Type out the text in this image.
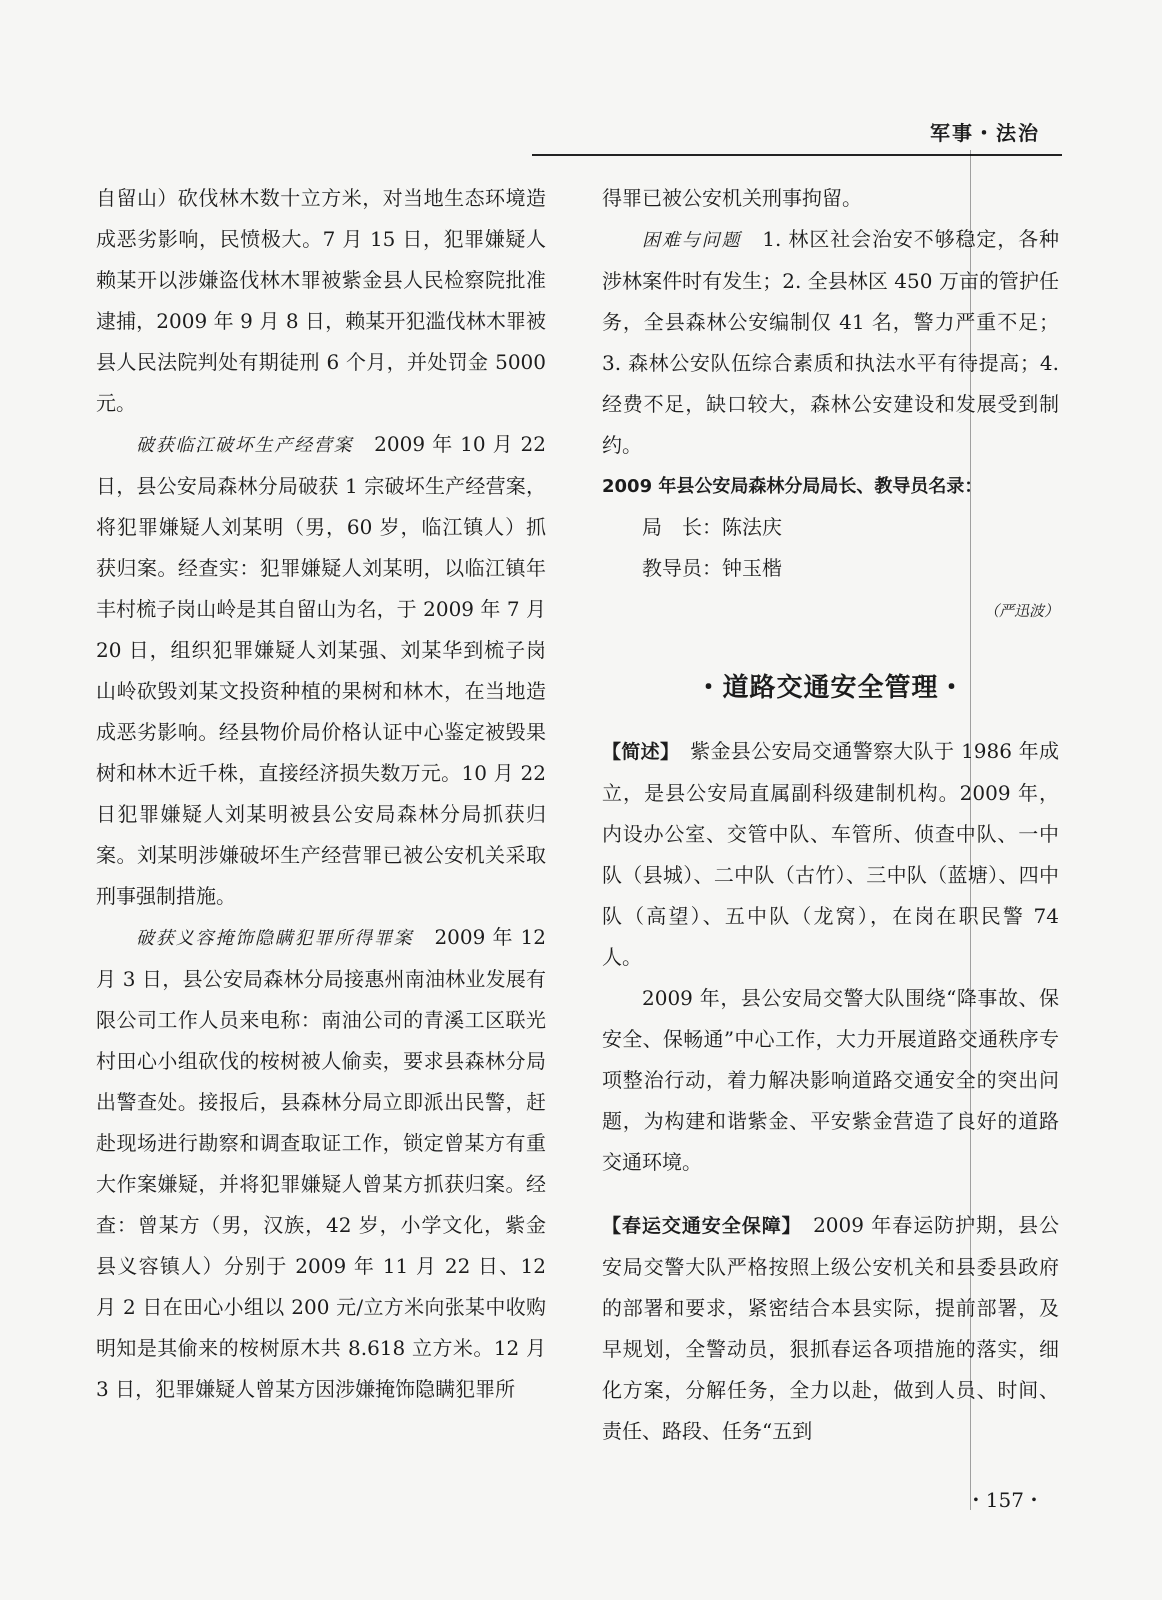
军事・法治

自留山）砍伐林木数十立方米，对当地生态环境造成恶劣影响，民愤极大。7 月 15 日，犯罪嫌疑人赖某开以涉嫌盗伐林木罪被紫金县人民检察院批准逮捕，2009 年 9 月 8 日，赖某开犯滥伐林木罪被县人民法院判处有期徒刑 6 个月，并处罚金 5000 元。

破获临江破坏生产经营案　2009 年 10 月 22 日，县公安局森林分局破获 1 宗破坏生产经营案，将犯罪嫌疑人刘某明（男，60 岁，临江镇人）抓获归案。经查实：犯罪嫌疑人刘某明，以临江镇年丰村梳子岗山岭是其自留山为名，于 2009 年 7 月 20 日，组织犯罪嫌疑人刘某强、刘某华到梳子岗山岭砍毁刘某文投资种植的果树和林木，在当地造成恶劣影响。经县物价局价格认证中心鉴定被毁果树和林木近千株，直接经济损失数万元。10 月 22 日犯罪嫌疑人刘某明被县公安局森林分局抓获归案。刘某明涉嫌破坏生产经营罪已被公安机关采取刑事强制措施。

破获义容掩饰隐瞒犯罪所得罪案　2009 年 12 月 3 日，县公安局森林分局接惠州南油林业发展有限公司工作人员来电称：南油公司的青溪工区联光村田心小组砍伐的桉树被人偷卖，要求县森林分局出警查处。接报后，县森林分局立即派出民警，赶赴现场进行勘察和调查取证工作，锁定曾某方有重大作案嫌疑，并将犯罪嫌疑人曾某方抓获归案。经查：曾某方（男，汉族，42 岁，小学文化，紫金县义容镇人）分别于 2009 年 11 月 22 日、12 月 2 日在田心小组以 200 元/立方米向张某中收购明知是其偷来的桉树原木共 8.618 立方米。12 月 3 日，犯罪嫌疑人曾某方因涉嫌掩饰隐瞒犯罪所

得罪已被公安机关刑事拘留。

困难与问题　1. 林区社会治安不够稳定，各种涉林案件时有发生；2. 全县林区 450 万亩的管护任务，全县森林公安编制仅 41 名，警力严重不足；3. 森林公安队伍综合素质和执法水平有待提高；4. 经费不足，缺口较大，森林公安建设和发展受到制约。

2009 年县公安局森林分局局长、教导员名录：

局　长：陈法庆

教导员：钟玉楷

（严迅波）
・道路交通安全管理・

【简述】　紫金县公安局交通警察大队于 1986 年成立，是县公安局直属副科级建制机构。2009 年，内设办公室、交管中队、车管所、侦查中队、一中队（县城）、二中队（古竹）、三中队（蓝塘）、四中队（高望）、五中队（龙窝），在岗在职民警 74 人。

2009 年，县公安局交警大队围绕“降事故、保安全、保畅通”中心工作，大力开展道路交通秩序专项整治行动，着力解决影响道路交通安全的突出问题，为构建和谐紫金、平安紫金营造了良好的道路交通环境。

【春运交通安全保障】　2009 年春运防护期，县公安局交警大队严格按照上级公安机关和县委县政府的部署和要求，紧密结合本县实际，提前部署，及早规划，全警动员，狠抓春运各项措施的落实，细化方案，分解任务，全力以赴，做到人员、时间、责任、路段、任务“五到

・157・
